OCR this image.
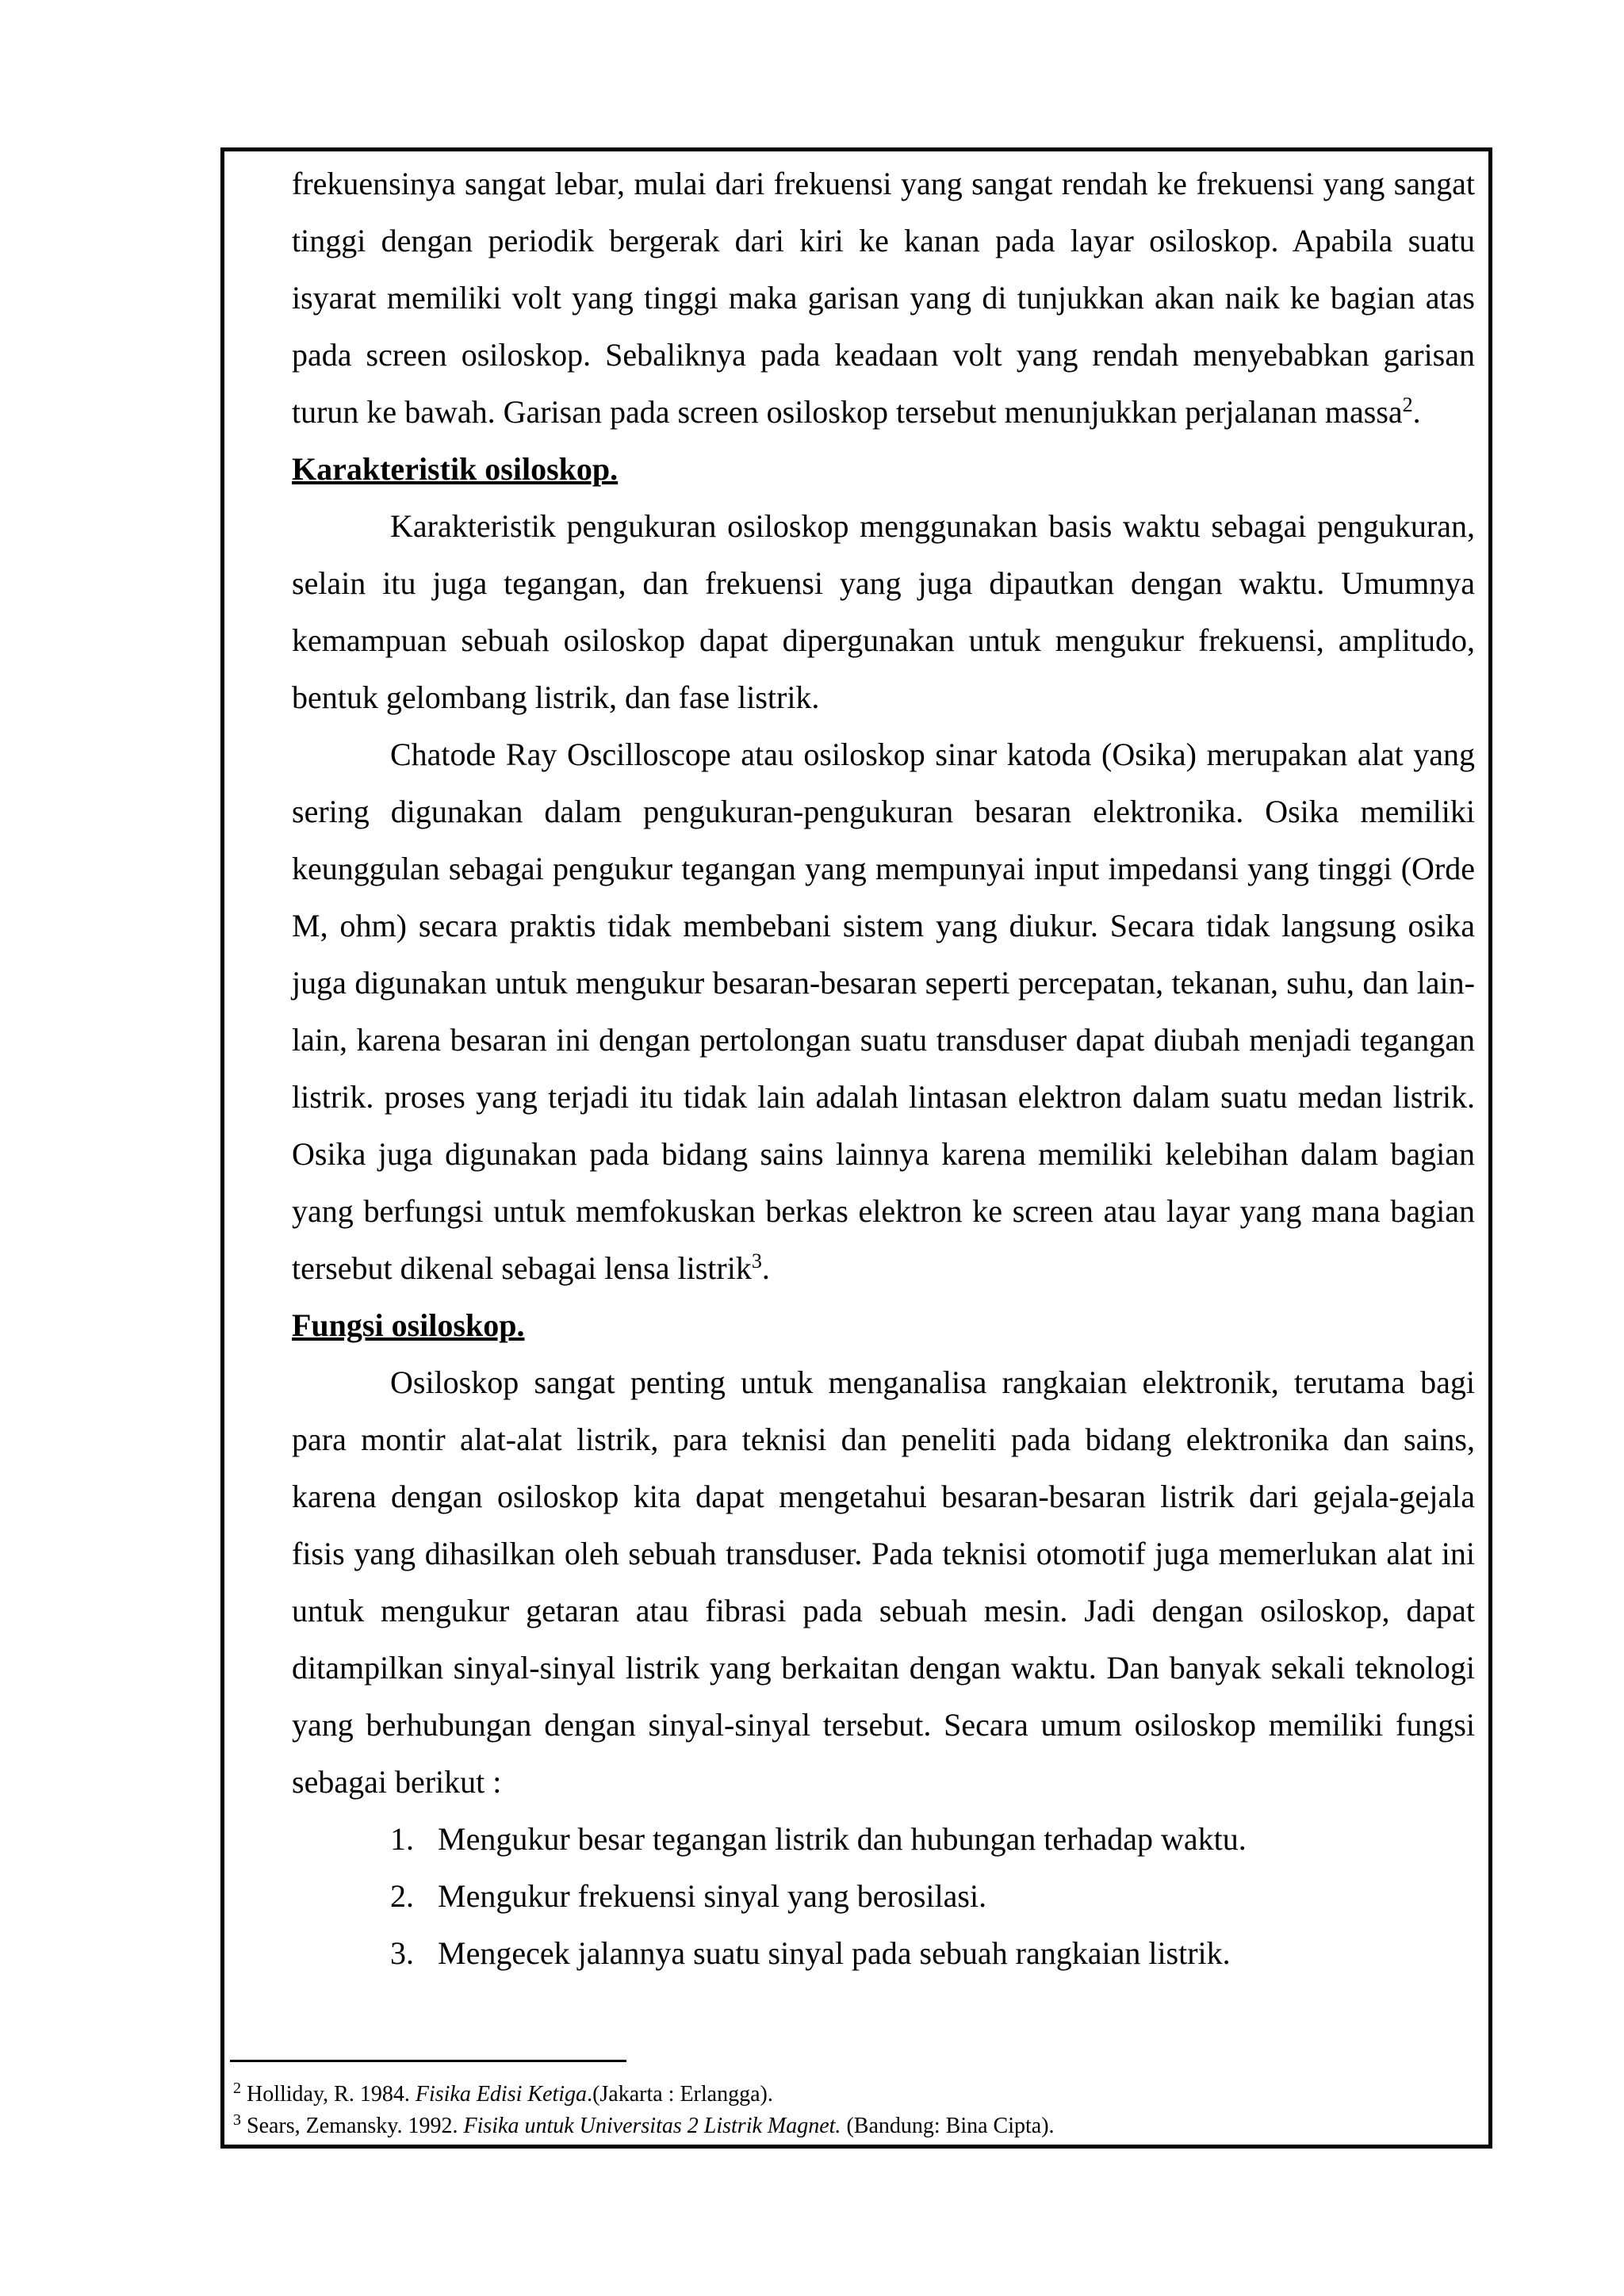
frekuensinya sangat lebar, mulai dari frekuensi yang sangat rendah ke frekuensi yang sangat tinggi dengan periodik bergerak dari kiri ke kanan pada layar osiloskop. Apabila suatu isyarat memiliki volt yang tinggi maka garisan yang di tunjukkan akan naik ke bagian atas pada screen osiloskop. Sebaliknya pada keadaan volt yang rendah menyebabkan garisan turun ke bawah. Garisan pada screen osiloskop tersebut menunjukkan perjalanan massa$^2$.

Karakteristik osiloskop.

Karakteristik pengukuran osiloskop menggunakan basis waktu sebagai pengukuran, selain itu juga tegangan, dan frekuensi yang juga dipautkan dengan waktu. Umumnya kemampuan sebuah osiloskop dapat dipergunakan untuk mengukur frekuensi, amplitudo, bentuk gelombang listrik, dan fase listrik.

Chatode Ray Oscilloscope atau osiloskop sinar katoda (Osika) merupakan alat yang sering digunakan dalam pengukuran-pengukuran besaran elektronika. Osika memiliki keunggulan sebagai pengukur tegangan yang mempunyai input impedansi yang tinggi (Orde M, ohm) secara praktis tidak membebani sistem yang diukur. Secara tidak langsung osika juga digunakan untuk mengukur besaran-besaran seperti percepatan, tekanan, suhu, dan lain-lain, karena besaran ini dengan pertolongan suatu transduser dapat diubah menjadi tegangan listrik. proses yang terjadi itu tidak lain adalah lintasan elektron dalam suatu medan listrik. Osika juga digunakan pada bidang sains lainnya karena memiliki kelebihan dalam bagian yang berfungsi untuk memfokuskan berkas elektron ke screen atau layar yang mana bagian tersebut dikenal sebagai lensa listrik$^3$.

Fungsi osiloskop.

Osiloskop sangat penting untuk menganalisa rangkaian elektronik, terutama bagi para montir alat-alat listrik, para teknisi dan peneliti pada bidang elektronika dan sains, karena dengan osiloskop kita dapat mengetahui besaran-besaran listrik dari gejala-gejala fisis yang dihasilkan oleh sebuah transduser. Pada teknisi otomotif juga memerlukan alat ini untuk mengukur getaran atau fibrasi pada sebuah mesin. Jadi dengan osiloskop, dapat ditampilkan sinyal-sinyal listrik yang berkaitan dengan waktu. Dan banyak sekali teknologi yang berhubungan dengan sinyal-sinyal tersebut. Secara umum osiloskop memiliki fungsi sebagai berikut :

1. Mengukur besar tegangan listrik dan hubungan terhadap waktu.
2. Mengukur frekuensi sinyal yang berosilasi.
3. Mengecek jalannya suatu sinyal pada sebuah rangkaian listrik.
$^2$ Holliday, R. 1984. Fisika Edisi Ketiga.(Jakarta : Erlangga).
$^3$ Sears, Zemansky. 1992. Fisika untuk Universitas 2 Listrik Magnet. (Bandung: Bina Cipta).
